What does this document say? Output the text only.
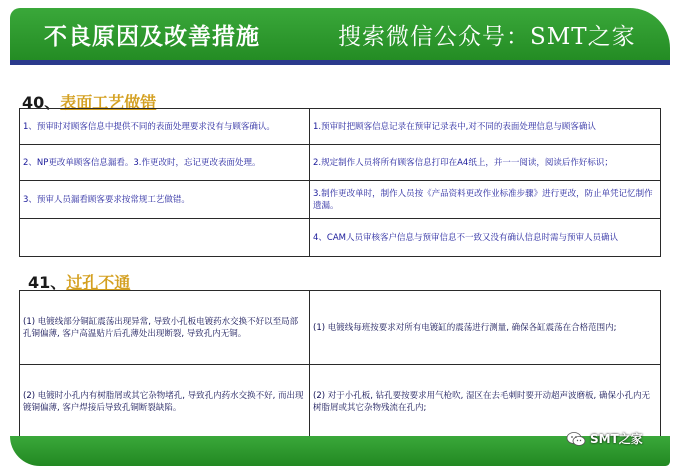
不良原因及改善措施	搜索微信公众号：SMT之家
40、表面工艺做错
1、预审时对顾客信息中提供不同的表面处理要求没有与顾客确认。	1.预审时把顾客信息记录在预审记录表中,对不同的表面处理信息与顾客确认
2、NP更改单顾客信息漏看。3.作更改时，忘记更改表面处理。	2.规定制作人员将所有顾客信息打印在A4纸上，并一一阅读，阅读后作好标识；
3、预审人员漏看顾客要求按常规工艺做错。	3.制作更改单时，制作人员按《产品资料更改作业标准步骤》进行更改，防止单凭记忆制作遗漏。
	4、CAM人员审核客户信息与预审信息不一致又没有确认信息时需与预审人员确认
41、过孔不通
(1) 电镀线部分铜缸震荡出现异常, 导致小孔板电镀药水交换不好以至局部孔铜偏薄, 客户高温贴片后孔薄处出现断裂, 导致孔内无铜。	(1) 电镀线每班按要求对所有电镀缸的震荡进行测量, 确保各缸震荡在合格范围内;
(2) 电镀时小孔内有树脂屑或其它杂物堵孔, 导致孔内药水交换不好, 而出现镀铜偏薄, 客户焊接后导致孔铜断裂缺陷。	(2) 对于小孔板, 钻孔要按要求用气枪吹, 湿区在去毛刺时要开动超声波磨板, 确保小孔内无树脂屑或其它杂物残流在孔内;
SMT之家
